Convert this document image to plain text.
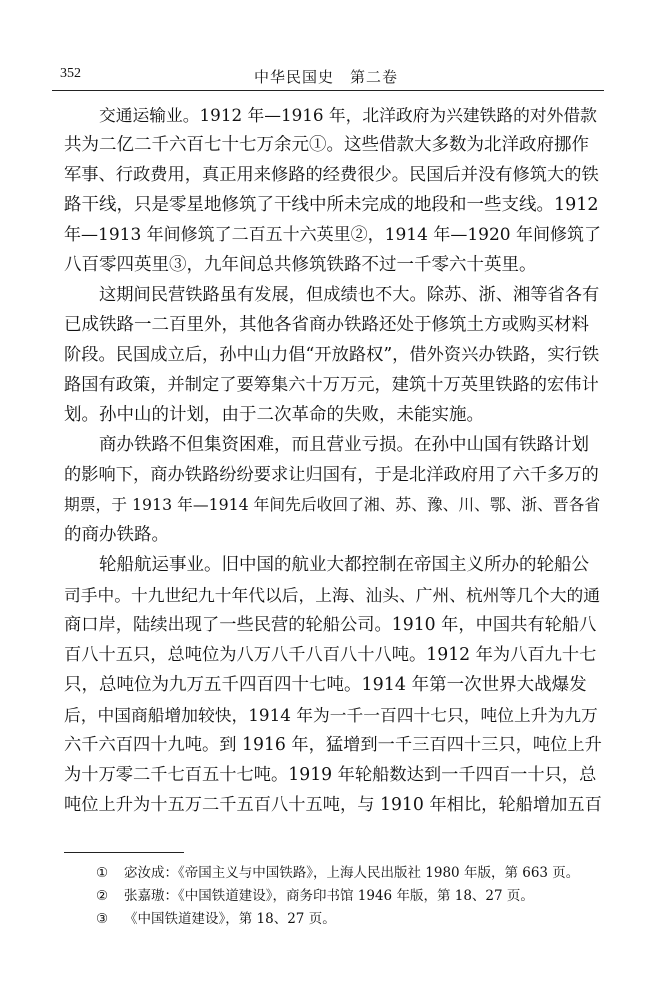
352	中华民国史　第二卷
交通运输业。1912 年—1916 年，北洋政府为兴建铁路的对外借款
共为二亿二千六百七十七万余元①。这些借款大多数为北洋政府挪作
军事、行政费用，真正用来修路的经费很少。民国后并没有修筑大的铁
路干线，只是零星地修筑了干线中所未完成的地段和一些支线。1912
年—1913 年间修筑了二百五十六英里②，1914 年—1920 年间修筑了
八百零四英里③，九年间总共修筑铁路不过一千零六十英里。
这期间民营铁路虽有发展，但成绩也不大。除苏、浙、湘等省各有
已成铁路一二百里外，其他各省商办铁路还处于修筑土方或购买材料
阶段。民国成立后，孙中山力倡“开放路权”，借外资兴办铁路，实行铁
路国有政策，并制定了要筹集六十万万元，建筑十万英里铁路的宏伟计
划。孙中山的计划，由于二次革命的失败，未能实施。
商办铁路不但集资困难，而且营业亏损。在孙中山国有铁路计划
的影响下，商办铁路纷纷要求让归国有，于是北洋政府用了六千多万的
期票，于 1913 年—1914 年间先后收回了湘、苏、豫、川、鄂、浙、晋各省
的商办铁路。
轮船航运事业。旧中国的航业大都控制在帝国主义所办的轮船公
司手中。十九世纪九十年代以后，上海、汕头、广州、杭州等几个大的通
商口岸，陆续出现了一些民营的轮船公司。1910 年，中国共有轮船八
百八十五只，总吨位为八万八千八百八十八吨。1912 年为八百九十七
只，总吨位为九万五千四百四十七吨。1914 年第一次世界大战爆发
后，中国商船增加较快，1914 年为一千一百四十七只，吨位上升为九万
六千六百四十九吨。到 1916 年，猛增到一千三百四十三只，吨位上升
为十万零二千七百五十七吨。1919 年轮船数达到一千四百一十只，总
吨位上升为十五万二千五百八十五吨，与 1910 年相比，轮船增加五百
① 宓汝成：《帝国主义与中国铁路》，上海人民出版社 1980 年版，第 663 页。
② 张嘉璈：《中国铁道建设》，商务印书馆 1946 年版，第 18、27 页。
③ 《中国铁道建设》，第 18、27 页。
